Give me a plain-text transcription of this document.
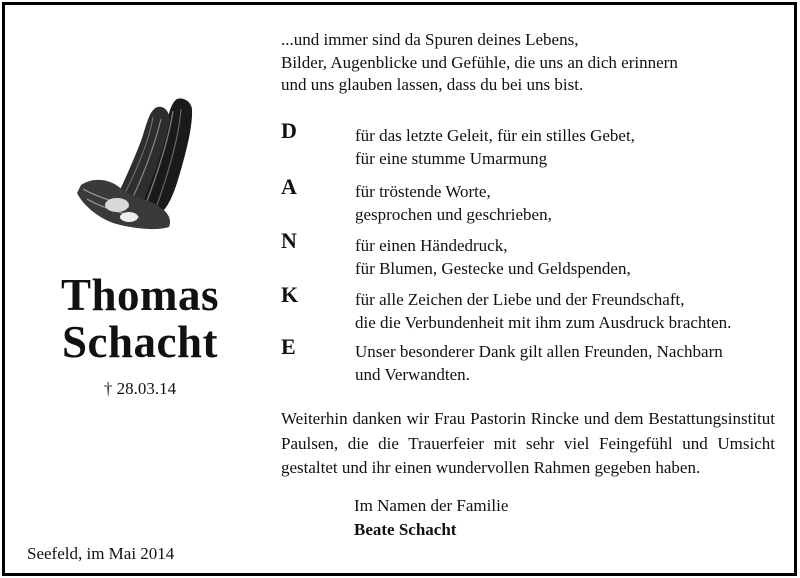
Thomas
Schacht
† 28.03.14
Seefeld, im Mai 2014
...und immer sind da Spuren deines Lebens,
Bilder, Augenblicke und Gefühle, die uns an dich erinnern
und uns glauben lassen, dass du bei uns bist.
D	für das letzte Geleit, für ein stilles Gebet,
für eine stumme Umarmung
A	für tröstende Worte,
gesprochen und geschrieben,
N	für einen Händedruck,
für Blumen, Gestecke und Geldspenden,
K	für alle Zeichen der Liebe und der Freundschaft,
die die Verbundenheit mit ihm zum Ausdruck brachten.
E	Unser besonderer Dank gilt allen Freunden, Nachbarn
und Verwandten.
Weiterhin danken wir Frau Pastorin Rincke und dem Bestattungsinstitut
Paulsen, die die Trauerfeier mit sehr viel Feingefühl und Umsicht
gestaltet und ihr einen wundervollen Rahmen gegeben haben.
Im Namen der Familie
Beate Schacht
